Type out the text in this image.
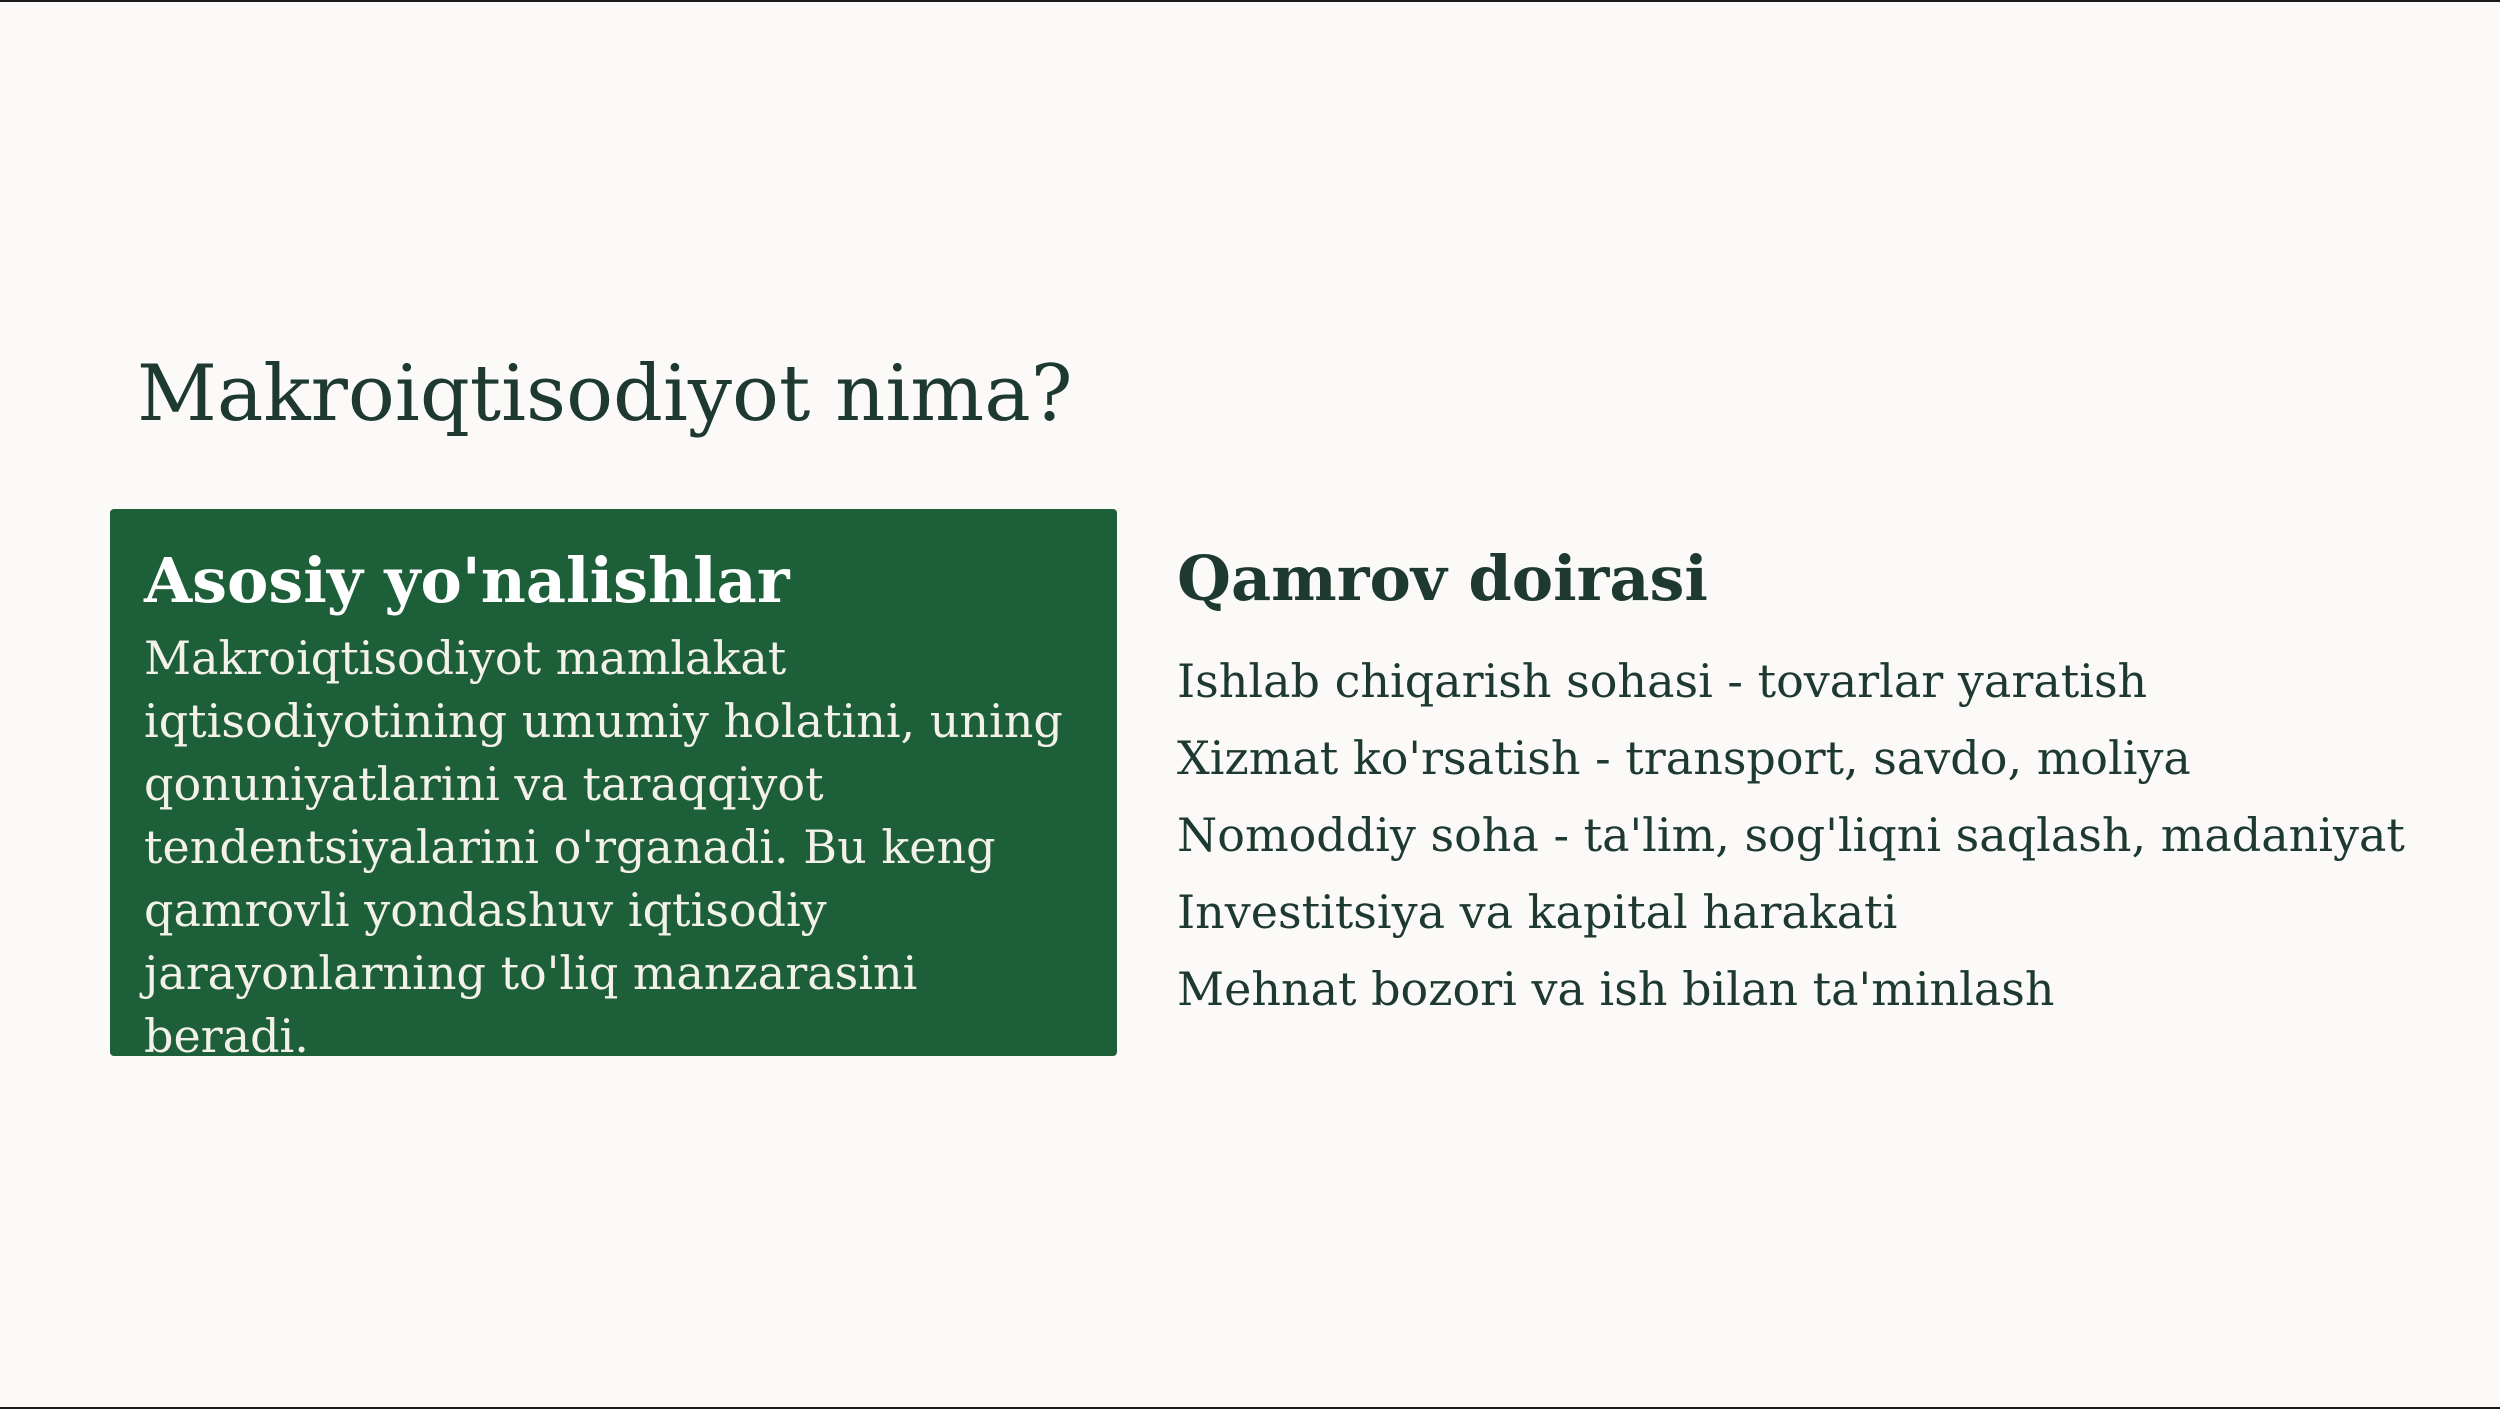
Makroiqtisodiyot nima?
Asosiy yo'nalishlar

Makroiqtisodiyot mamlakat iqtisodiyotining umumiy holatini, uning qonuniyatlarini va taraqqiyot tendentsiyalarini o'rganadi. Bu keng qamrovli yondashuv iqtisodiy jarayonlarning to'liq manzarasini beradi.

Qamrov doirasi
Ishlab chiqarish sohasi - tovarlar yaratish
Xizmat ko'rsatish - transport, savdo, moliya
Nomoddiy soha - ta'lim, sog'liqni saqlash, madaniyat
Investitsiya va kapital harakati
Mehnat bozori va ish bilan ta'minlash
